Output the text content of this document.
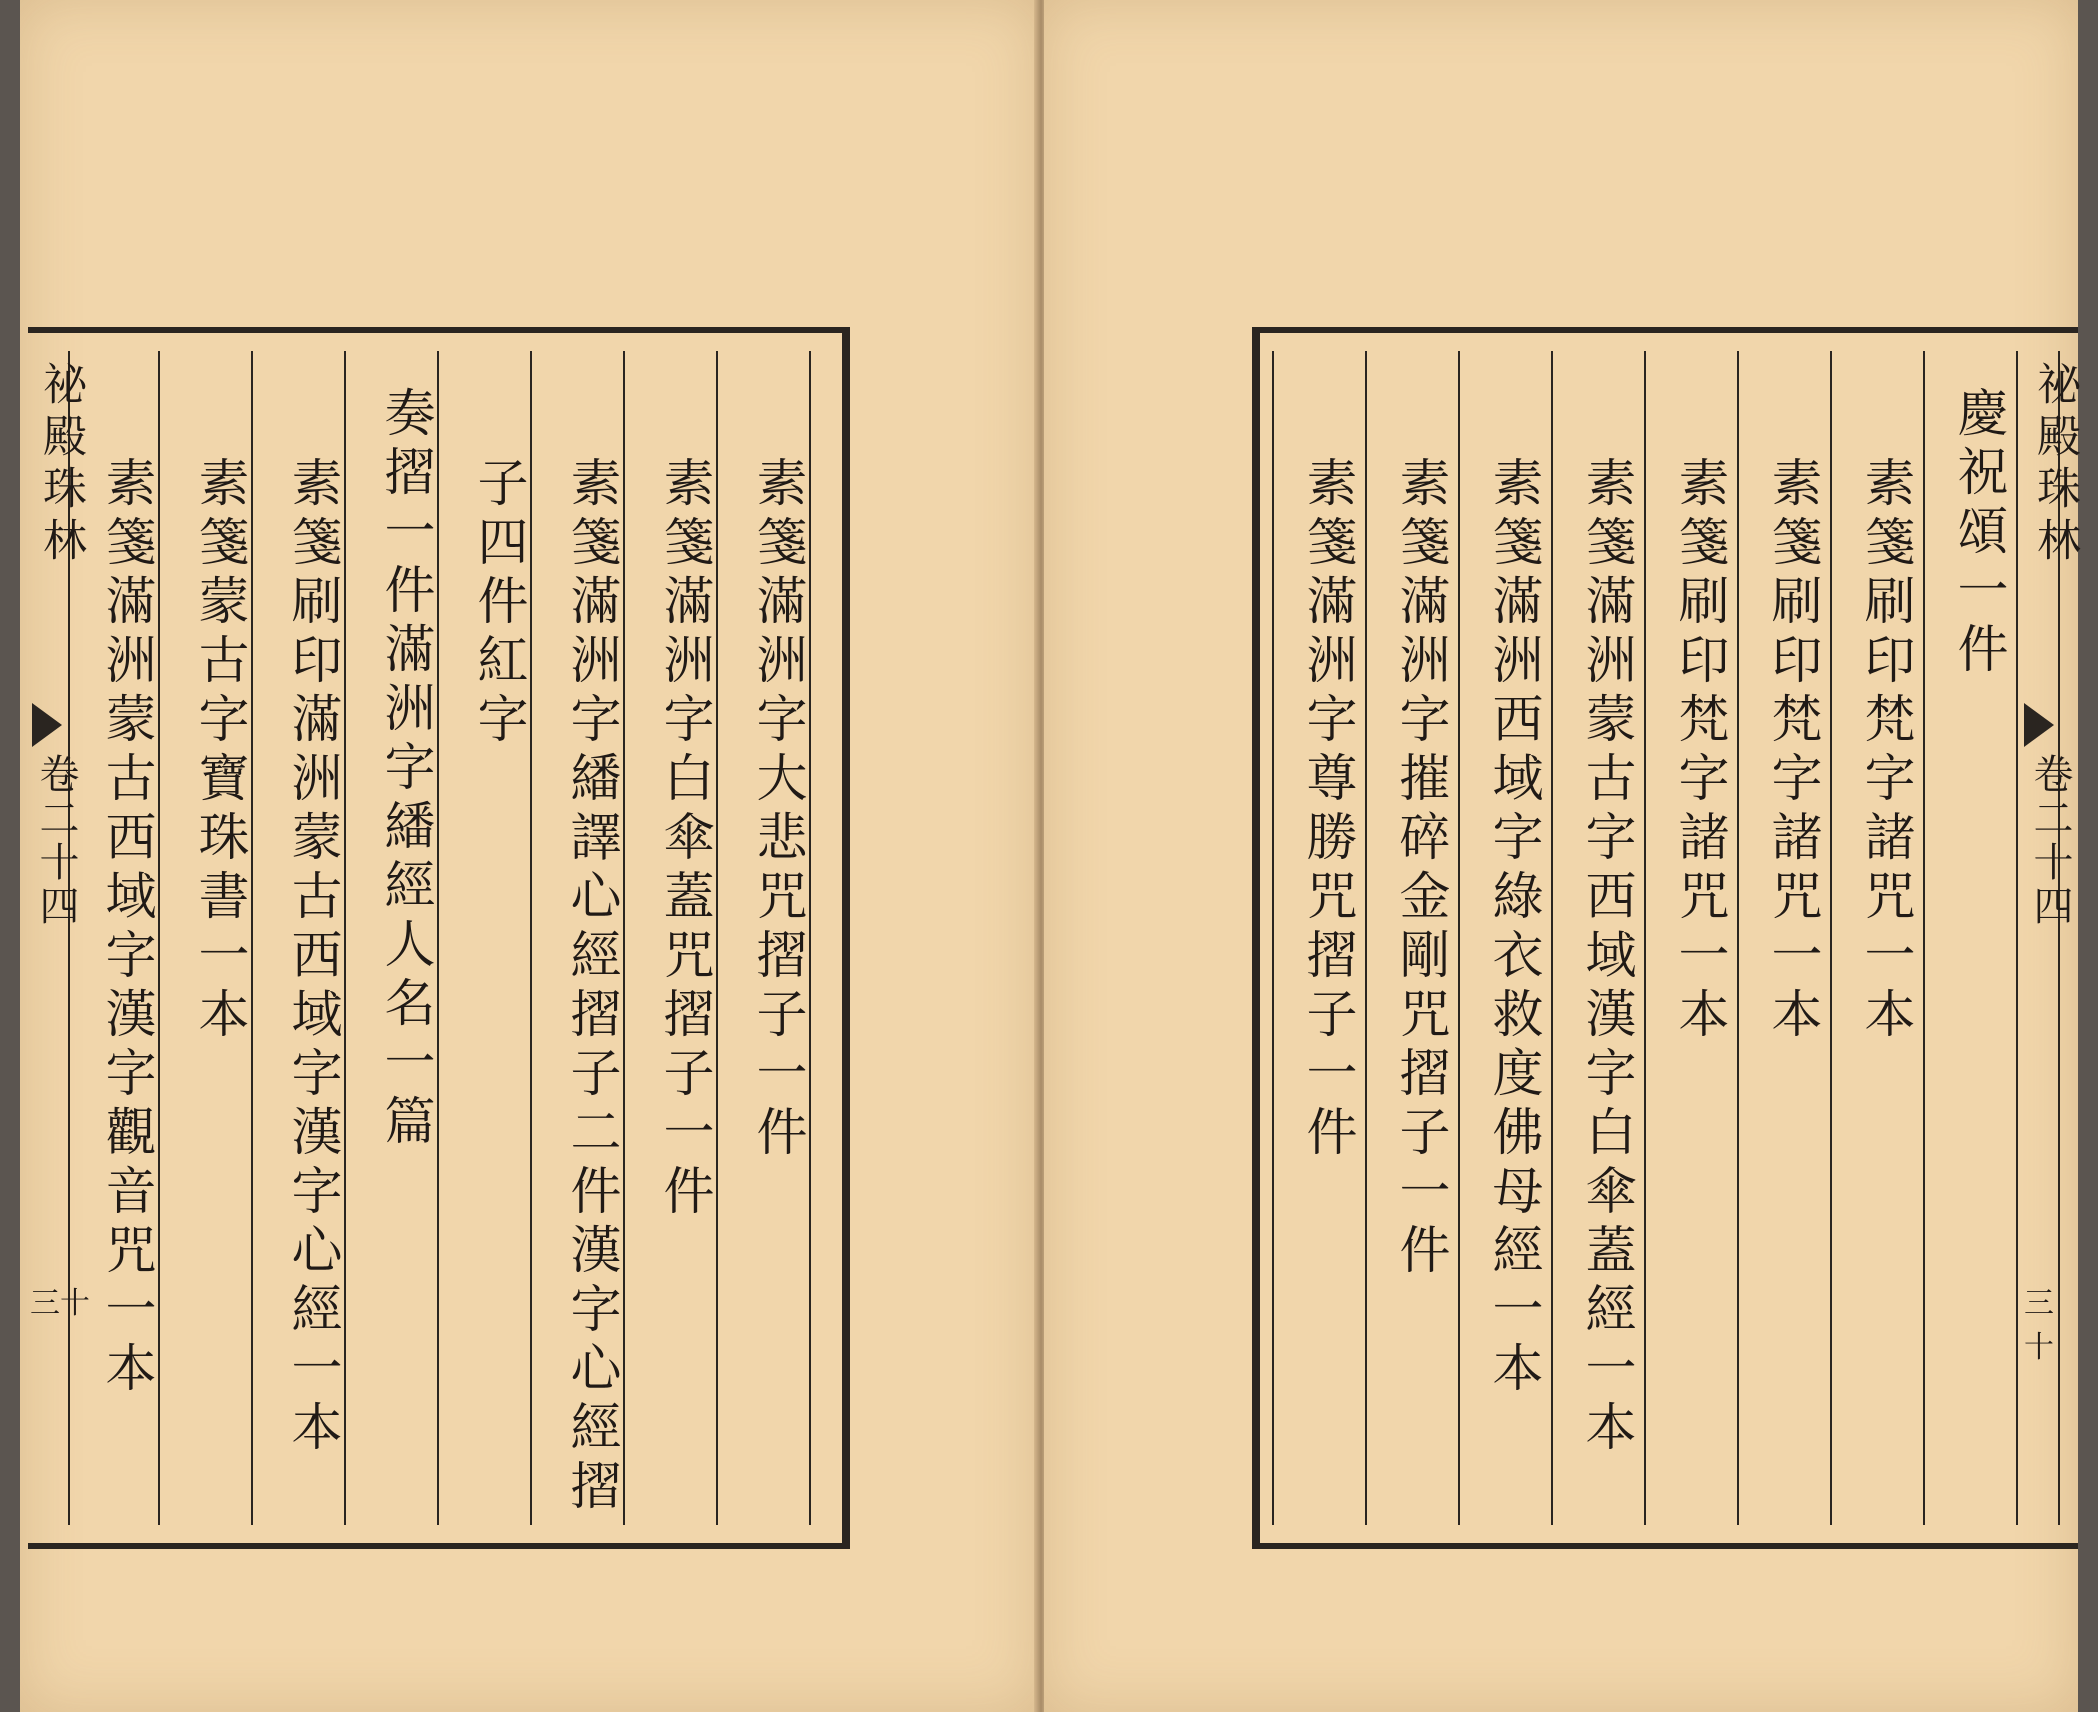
祕殿珠林
卷二十四
三十
素箋滿洲字大悲咒摺子一件
素箋滿洲字白傘蓋咒摺子一件
素箋滿洲字繙譯心經摺子二件漢字心經摺
子四件紅字
奏摺一件滿洲字繙經人名一篇
素箋刷印滿洲蒙古西域字漢字心經一本
素箋蒙古字寶珠書一本
素箋滿洲蒙古西域字漢字觀音咒一本	祕殿珠林
卷二十四
三十
慶祝頌一件
素箋刷印梵字諸咒一本
素箋刷印梵字諸咒一本
素箋刷印梵字諸咒一本
素箋滿洲蒙古字西域漢字白傘蓋經一本
素箋滿洲西域字綠衣救度佛母經一本
素箋滿洲字摧碎金剛咒摺子一件
素箋滿洲字尊勝咒摺子一件
